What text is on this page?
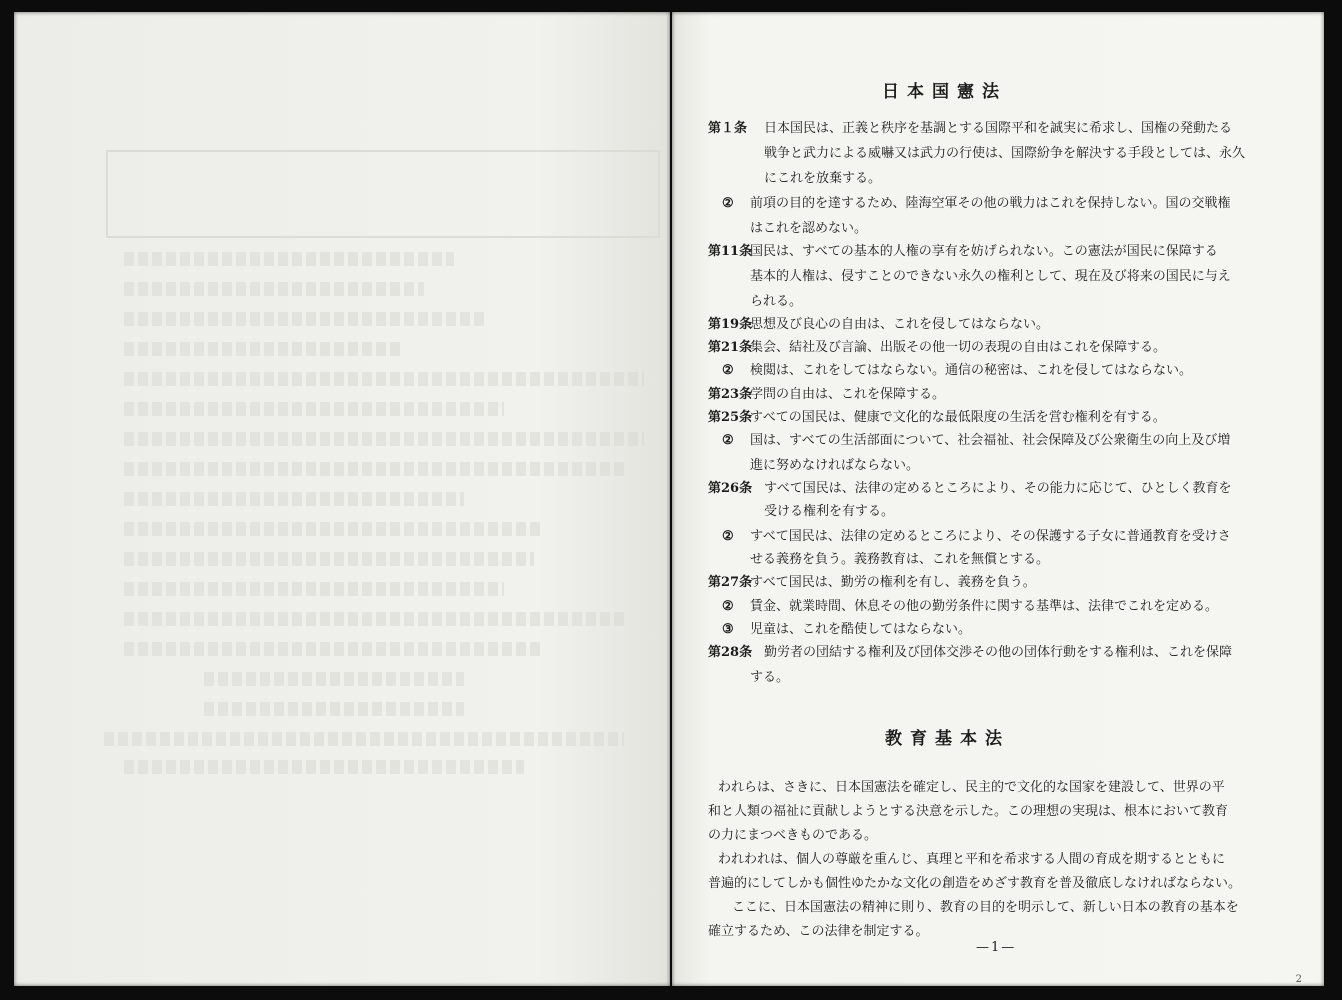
日本国憲法
第１条 日本国民は、正義と秩序を基調とする国際平和を誠実に希求し、国権の発動たる
戦争と武力による威嚇又は武力の行使は、国際紛争を解決する手段としては、永久
にこれを放棄する。
② 前項の目的を達するため、陸海空軍その他の戦力はこれを保持しない。国の交戦権
はこれを認めない。
第11条国民は、すべての基本的人権の享有を妨げられない。この憲法が国民に保障する
基本的人権は、侵すことのできない永久の権利として、現在及び将来の国民に与え
られる。
第19条思想及び良心の自由は、これを侵してはならない。
第21条集会、結社及び言論、出版その他一切の表現の自由はこれを保障する。
② 検閲は、これをしてはならない。通信の秘密は、これを侵してはならない。
第23条学問の自由は、これを保障する。
第25条すべての国民は、健康で文化的な最低限度の生活を営む権利を有する。
② 国は、すべての生活部面について、社会福祉、社会保障及び公衆衛生の向上及び増
進に努めなければならない。
第26条 すべて国民は、法律の定めるところにより、その能力に応じて、ひとしく教育を
受ける権利を有する。
② すべて国民は、法律の定めるところにより、その保護する子女に普通教育を受けさ
せる義務を負う。義務教育は、これを無償とする。
第27条すべて国民は、勤労の権利を有し、義務を負う。
② 賃金、就業時間、休息その他の勤労条件に関する基準は、法律でこれを定める。
③ 児童は、これを酷使してはならない。
第28条 勤労者の団結する権利及び団体交渉その他の団体行動をする権利は、これを保障
する。
教育基本法
われらは、さきに、日本国憲法を確定し、民主的で文化的な国家を建設して、世界の平
和と人類の福祉に貢献しようとする決意を示した。この理想の実現は、根本において教育
の力にまつべきものである。
われわれは、個人の尊厳を重んじ、真理と平和を希求する人間の育成を期するとともに
普遍的にしてしかも個性ゆたかな文化の創造をめざす教育を普及徹底しなければならない。
ここに、日本国憲法の精神に則り、教育の目的を明示して、新しい日本の教育の基本を
確立するため、この法律を制定する。
—1—
2
